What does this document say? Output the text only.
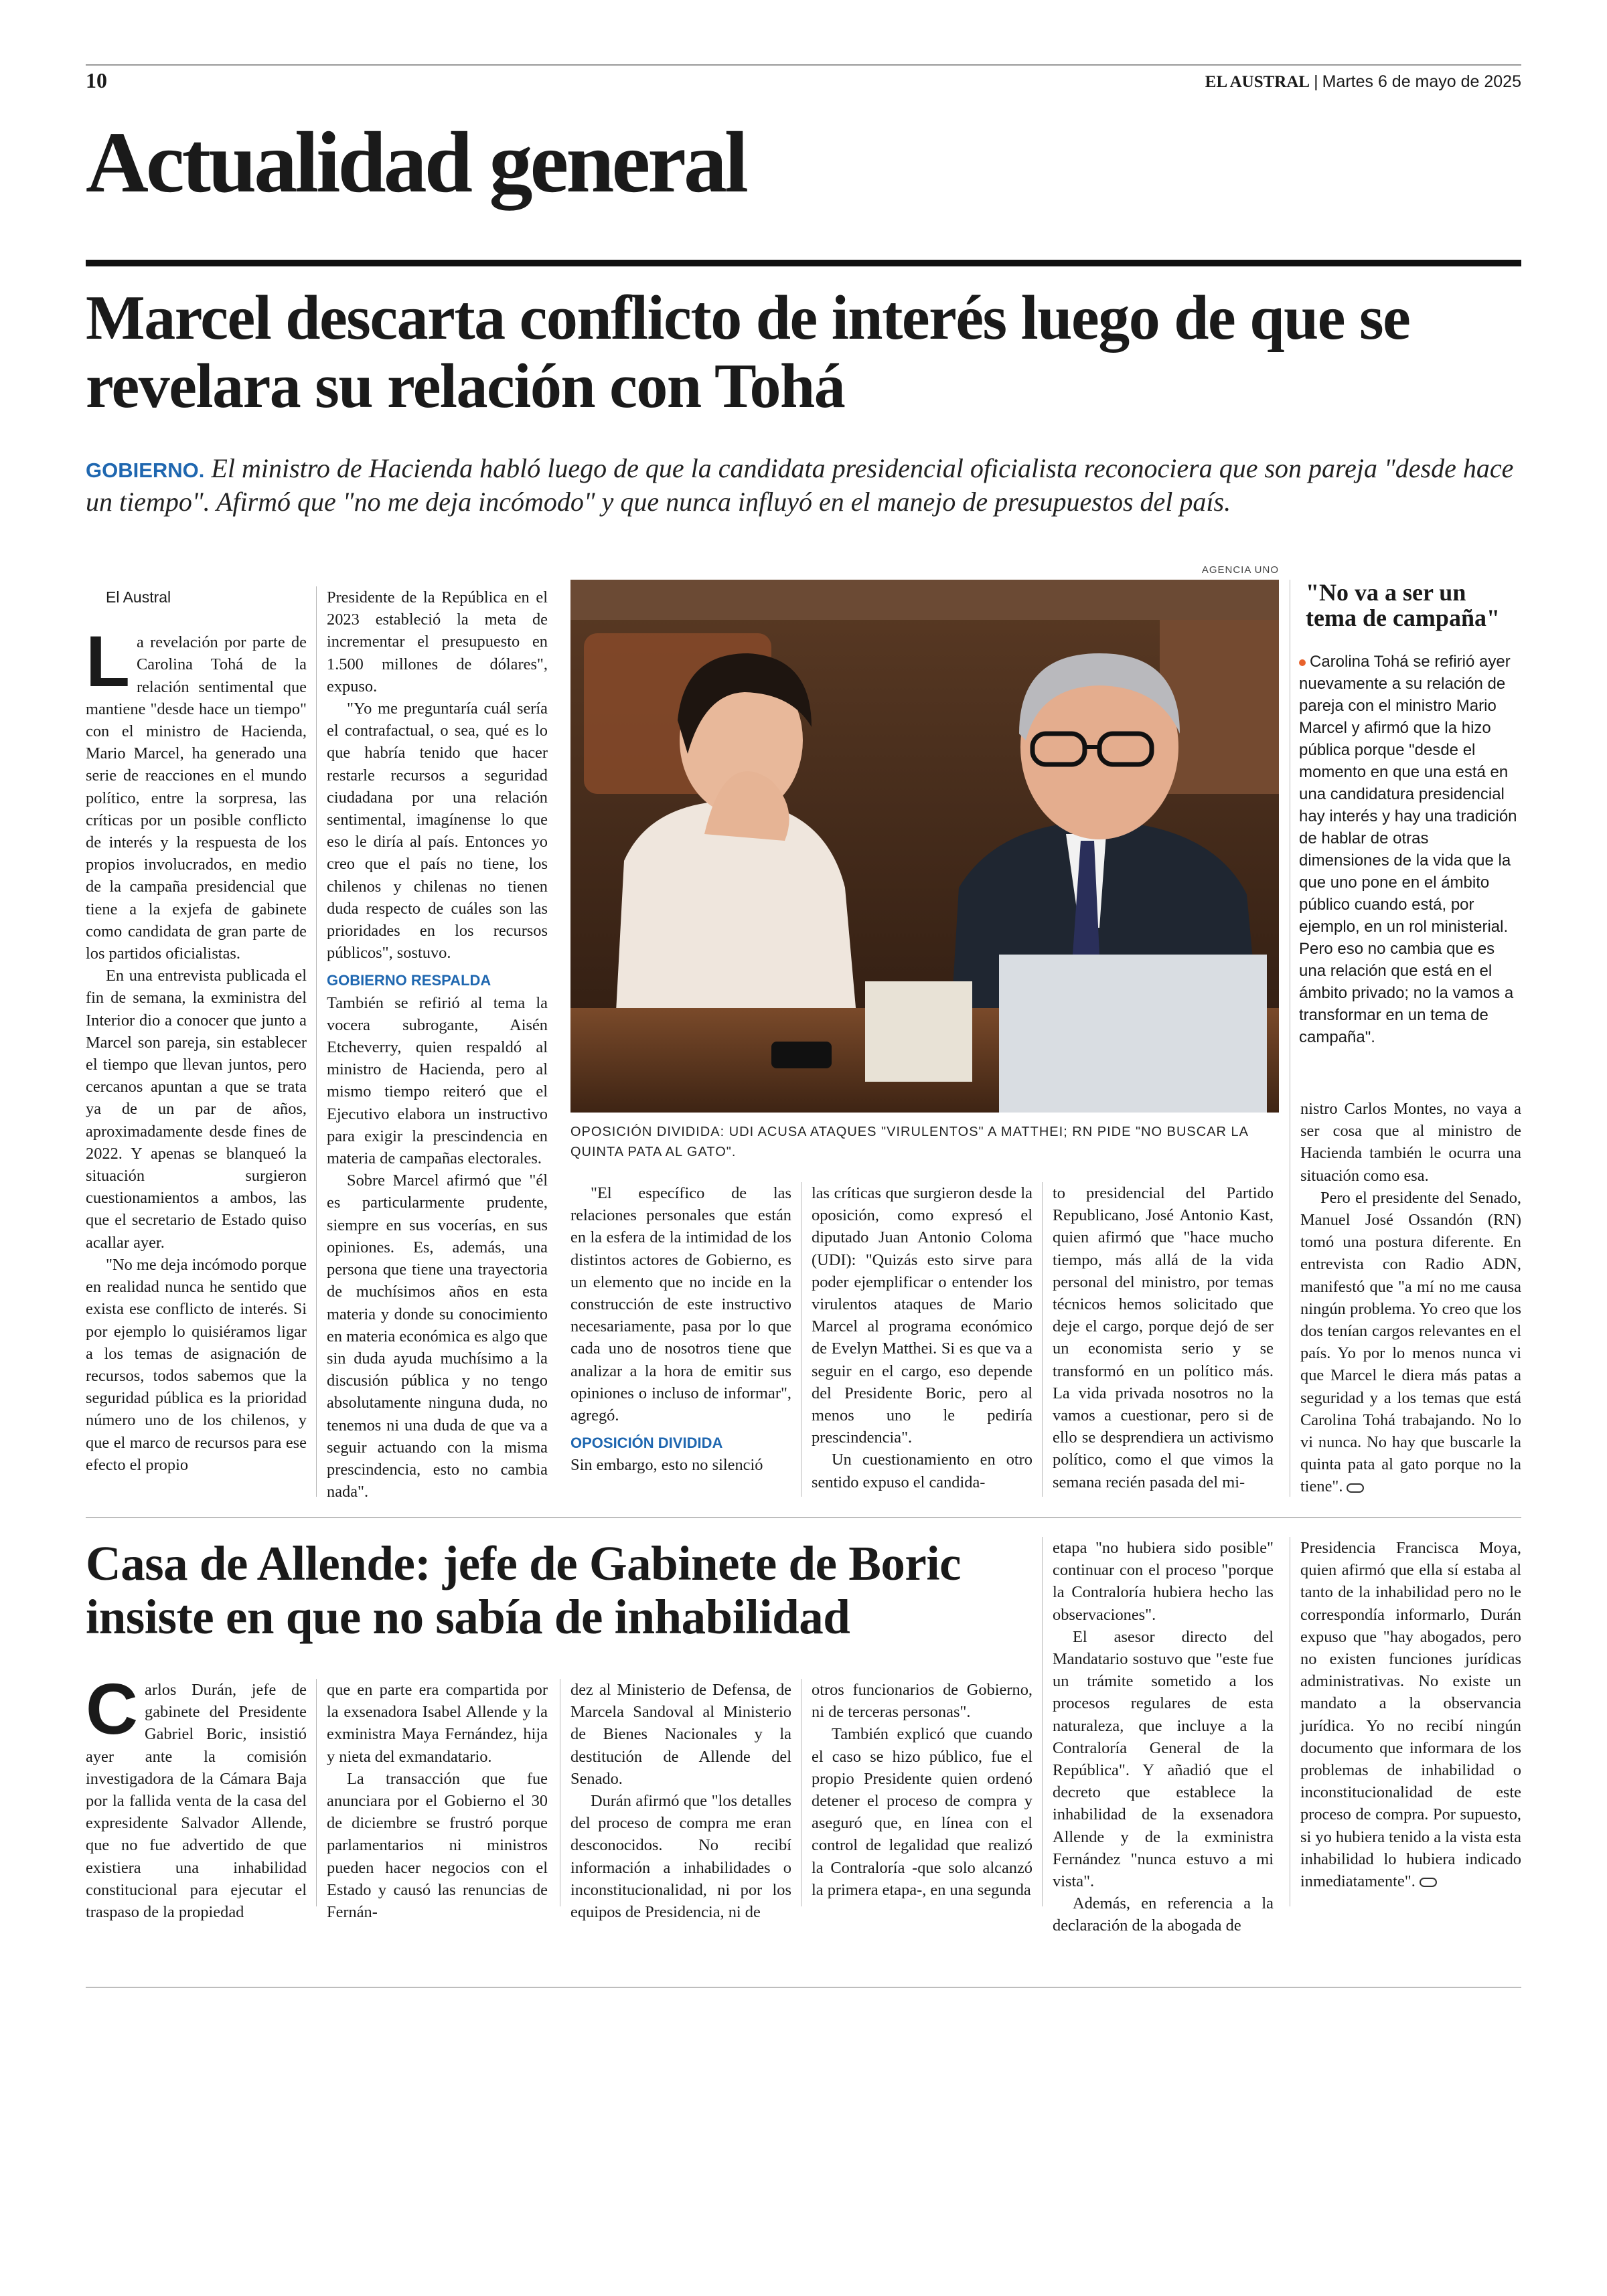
10	EL AUSTRAL | Martes 6 de mayo de 2025
Actualidad general
Marcel descarta conflicto de interés luego de que se revelara su relación con Tohá
GOBIERNO. El ministro de Hacienda habló luego de que la candidata presidencial oficialista reconociera que son pareja "desde hace un tiempo". Afirmó que "no me deja incómodo" y que nunca influyó en el manejo de presupuestos del país.

El Austral

La revelación por parte de Carolina Tohá de la relación sentimental que mantiene "desde hace un tiempo" con el ministro de Hacienda, Mario Marcel, ha generado una serie de reacciones en el mundo político, entre la sorpresa, las críticas por un posible conflicto de interés y la respuesta de los propios involucrados, en medio de la campaña presidencial que tiene a la exjefa de gabinete como candidata de gran parte de los partidos oficialistas.

En una entrevista publicada el fin de semana, la exministra del Interior dio a conocer que junto a Marcel son pareja, sin establecer el tiempo que llevan juntos, pero cercanos apuntan a que se trata ya de un par de años, aproximadamente desde fines de 2022. Y apenas se blanqueó la situación surgieron cuestionamientos a ambos, las que el secretario de Estado quiso acallar ayer.

"No me deja incómodo porque en realidad nunca he sentido que exista ese conflicto de interés. Si por ejemplo lo quisiéramos ligar a los temas de asignación de recursos, todos sabemos que la seguridad pública es la prioridad número uno de los chilenos, y que el marco de recursos para ese efecto el propio

Presidente de la República en el 2023 estableció la meta de incrementar el presupuesto en 1.500 millones de dólares", expuso.

"Yo me preguntaría cuál sería el contrafactual, o sea, qué es lo que habría tenido que hacer restarle recursos a seguridad ciudadana por una relación sentimental, imagínense lo que eso le diría al país. Entonces yo creo que el país no tiene, los chilenos y chilenas no tienen duda respecto de cuáles son las prioridades en los recursos públicos", sostuvo.

GOBIERNO RESPALDA

También se refirió al tema la vocera subrogante, Aisén Etcheverry, quien respaldó al ministro de Hacienda, pero al mismo tiempo reiteró que el Ejecutivo elabora un instructivo para exigir la prescindencia en materia de campañas electorales.

Sobre Marcel afirmó que "él es particularmente prudente, siempre en sus vocerías, en sus opiniones. Es, además, una persona que tiene una trayectoria de muchísimos años en esta materia y donde su conocimiento en materia económica es algo que sin duda ayuda muchísimo a la discusión pública y no tengo absolutamente ninguna duda, no tenemos ni una duda de que va a seguir actuando con la misma prescindencia, esto no cambia nada".

AGENCIA UNO
OPOSICIÓN DIVIDIDA: UDI ACUSA ATAQUES "VIRULENTOS" A MATTHEI; RN PIDE "NO BUSCAR LA QUINTA PATA AL GATO".
"No va a ser un tema de campaña"
Carolina Tohá se refirió ayer nuevamente a su relación de pareja con el ministro Mario Marcel y afirmó que la hizo pública porque "desde el momento en que una está en una candidatura presidencial hay interés y hay una tradición de hablar de otras dimensiones de la vida que la que uno pone en el ámbito público cuando está, por ejemplo, en un rol ministerial. Pero eso no cambia que es una relación que está en el ámbito privado; no la vamos a transformar en un tema de campaña".

"El específico de las relaciones personales que están en la esfera de la intimidad de los distintos actores de Gobierno, es un elemento que no incide en la construcción de este instructivo necesariamente, pasa por lo que cada uno de nosotros tiene que analizar a la hora de emitir sus opiniones o incluso de informar", agregó.

OPOSICIÓN DIVIDIDA

Sin embargo, esto no silenció

las críticas que surgieron desde la oposición, como expresó el diputado Juan Antonio Coloma (UDI): "Quizás esto sirve para poder ejemplificar o entender los virulentos ataques de Mario Marcel al programa económico de Evelyn Matthei. Si es que va a seguir en el cargo, eso depende del Presidente Boric, pero al menos uno le pediría prescindencia".

Un cuestionamiento en otro sentido expuso el candida-

to presidencial del Partido Republicano, José Antonio Kast, quien afirmó que "hace mucho tiempo, más allá de la vida personal del ministro, por temas técnicos hemos solicitado que deje el cargo, porque dejó de ser un economista serio y se transformó en un político más. La vida privada nosotros no la vamos a cuestionar, pero si de ello se desprendiera un activismo político, como el que vimos la semana recién pasada del mi-

nistro Carlos Montes, no vaya a ser cosa que al ministro de Hacienda también le ocurra una situación como esa.

Pero el presidente del Senado, Manuel José Ossandón (RN) tomó una postura diferente. En entrevista con Radio ADN, manifestó que "a mí no me causa ningún problema. Yo creo que los dos tenían cargos relevantes en el país. Yo por lo menos nunca vi que Marcel le diera más patas a seguridad y a los temas que está Carolina Tohá trabajando. No lo vi nunca. No hay que buscarle la quinta pata al gato porque no la tiene".

Casa de Allende: jefe de Gabinete de Boric insiste en que no sabía de inhabilidad

Carlos Durán, jefe de gabinete del Presidente Gabriel Boric, insistió ayer ante la comisión investigadora de la Cámara Baja por la fallida venta de la casa del expresidente Salvador Allende, que no fue advertido de que existiera una inhabilidad constitucional para ejecutar el traspaso de la propiedad

que en parte era compartida por la exsenadora Isabel Allende y la exministra Maya Fernández, hija y nieta del exmandatario.

La transacción que fue anunciara por el Gobierno el 30 de diciembre se frustró porque parlamentarios ni ministros pueden hacer negocios con el Estado y causó las renuncias de Fernán-

dez al Ministerio de Defensa, de Marcela Sandoval al Ministerio de Bienes Nacionales y la destitución de Allende del Senado.

Durán afirmó que "los detalles del proceso de compra me eran desconocidos. No recibí información a inhabilidades o inconstitucionalidad, ni por los equipos de Presidencia, ni de

otros funcionarios de Gobierno, ni de terceras personas".

También explicó que cuando el caso se hizo público, fue el propio Presidente quien ordenó detener el proceso de compra y aseguró que, en línea con el control de legalidad que realizó la Contraloría -que solo alcanzó la primera etapa-, en una segunda

etapa "no hubiera sido posible" continuar con el proceso "porque la Contraloría hubiera hecho las observaciones".

El asesor directo del Mandatario sostuvo que "este fue un trámite sometido a los procesos regulares de esta naturaleza, que incluye a la Contraloría General de la República". Y añadió que el decreto que establece la inhabilidad de la exsenadora Allende y de la exministra Fernández "nunca estuvo a mi vista".

Además, en referencia a la declaración de la abogada de

Presidencia Francisca Moya, quien afirmó que ella sí estaba al tanto de la inhabilidad pero no le correspondía informarlo, Durán expuso que "hay abogados, pero no existen funciones jurídicas administrativas. No existe un mandato a la observancia jurídica. Yo no recibí ningún documento que informara de los problemas de inhabilidad o inconstitucionalidad de este proceso de compra. Por supuesto, si yo hubiera tenido a la vista esta inhabilidad lo hubiera indicado inmediatamente".
